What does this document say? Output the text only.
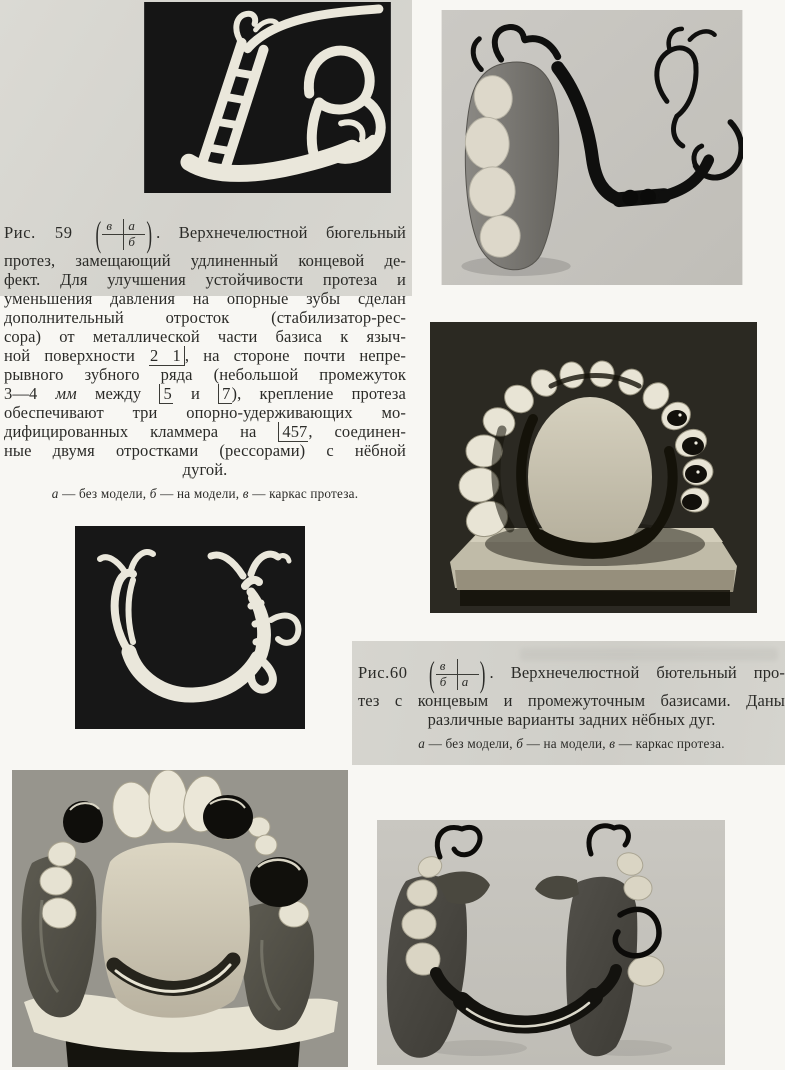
Рис. 59 ( в	а
б ) . Верхнечелюстной бюгельный
протез, замещающий удлиненный концевой де-
фект. Для улучшения устойчивости протеза и
уменьшения давления на опорные зубы сделан
дополнительный отросток (стабилизатор-рес-
сора) от металлической части базиса к языч-
ной поверхности 2 1 , на стороне почти непре-
рывного зубного ряда (небольшой промежуток
3—4 мм между 5 и 7), крепление протеза
обеспечивают три опорно-удерживающих мо-
дифицированных кламмера на 457, соединен-
ные двумя отростками (рессорами) с нёбной
дугой.
а — без модели, б — на модели, в — каркас протеза.
Рис.60 ( в
б	а ) . Верхнечелюстной бютельный про-
тез с концевым и промежуточным базисами. Даны
различные варианты задних нёбных дуг.
а — без модели, б — на модели, в — каркас протеза.
